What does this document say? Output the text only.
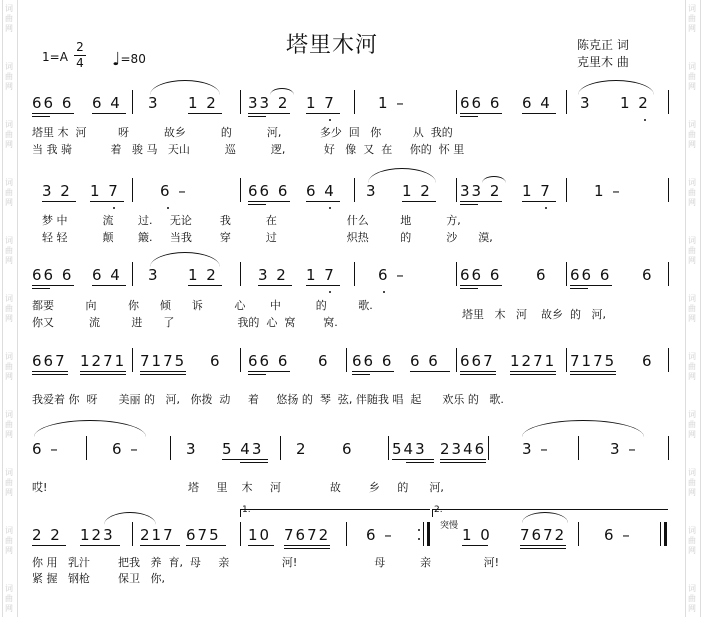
塔里木河	陈克正 词
克里木 曲
1=A
2
4 ♩=80
66 6 6 4 3 1 2 33 2 1 7	1 –	66 6 6 4 3 1 2
塔里 木  河         呀          故乡          的          河,           多少  回   你         从  我的
当 我 骑           着   骏 马   天山          巡          逻,           好   像  又  在     你的  怀 里
3 2 1 7	6 –	66 6 6 4 3 1 2 33 2 1 7	1 –
梦 中          流       过.     无论        我          在                    什么         地          方,
轻 轻          颠       簸.     当我        穿          过                    炽热         的          沙      漠,
66 6 6 4 3 1 2	3 2 1 7	6 –	66 6 6 66 6 6
都要         向         你      倾      诉         心       中          的         歌.
你又          流         进      了                  我的  心  窝        窝.
塔里   木   河    故乡  的   河,
667 1271 7175 6 66 6 6 66 6 6 6 667 1271 7175 6
我爱着 你  呀      美丽 的   河,   你拨  动     着     悠扬 的  琴  弦, 伴随我 唱  起      欢乐 的   歌.
6 –	6 –	3 5 43 2 6	543 2346 3 –	3 –
哎!	塔     里    木     河              故        乡     的      河,
1.	2.
突慢
2 2 123 217 675 10 7672 6 –	1 0 7672	6 –
你 用   乳汁        把我   养  育,  母     亲               河!                      母          亲               河!
紧 握   钢枪        保卫   你,
词
曲
网
词
曲
网
词
曲
网
词
曲
网
词
曲
网
词
曲
网
词
曲
网
词
曲
网
词
曲
网
词
曲
网
词
曲
网
词
曲
网
词
曲
网
词
曲
网
词
曲
网
词
曲
网
词
曲
网
词
曲
网
词
曲
网
词
曲
网
词
曲
网
词
曲
网
